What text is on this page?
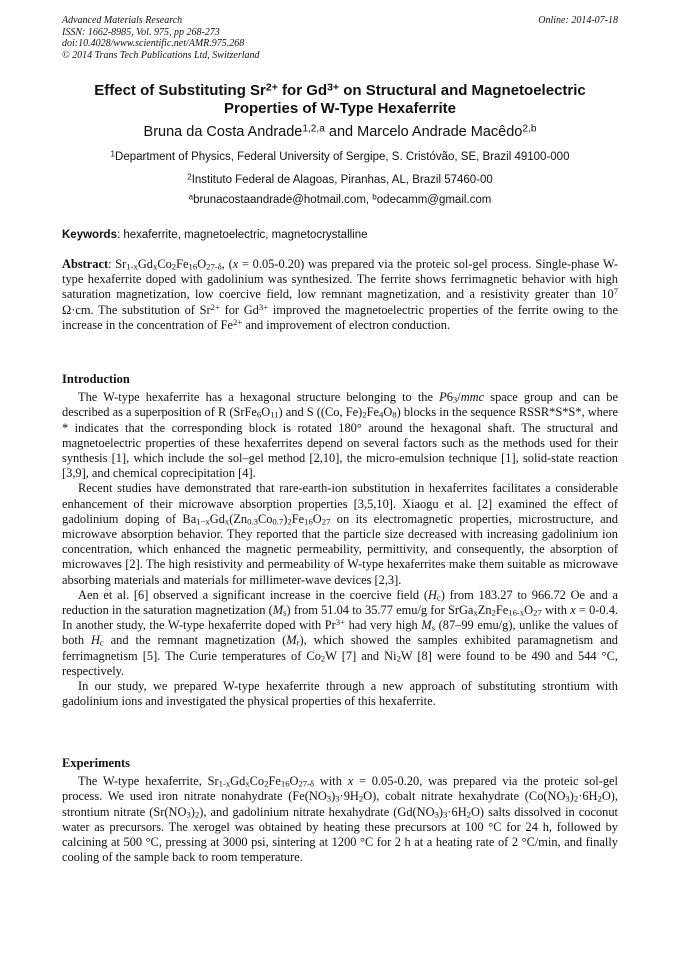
Advanced Materials Research
ISSN: 1662-8985, Vol. 975, pp 268-273
doi:10.4028/www.scientific.net/AMR.975.268
© 2014 Trans Tech Publications Ltd, Switzerland
Online: 2014-07-18
Effect of Substituting $Sr^{2+}$ for $Gd^{3+}$ on Structural and Magnetoelectric Properties of W-Type Hexaferrite
Bruna da Costa Andrade$^{1,2,a}$ and Marcelo Andrade Macêdo$^{2,b}$
$^1$Department of Physics, Federal University of Sergipe, S. Cristóvão, SE, Brazil 49100-000
$^2$Instituto Federal de Alagoas, Piranhas, AL, Brazil 57460-00
$^a$brunacostaandrade@hotmail.com, $^b$odecamm@gmail.com
Keywords: hexaferrite, magnetoelectric, magnetocrystalline
Abstract: $Sr_{1-x}Gd_xCo_2Fe_{16}O_{27-\delta}$, (x = 0.05-0.20) was prepared via the proteic sol-gel process. Single-phase W-type hexaferrite doped with gadolinium was synthesized. The ferrite shows ferrimagnetic behavior with high saturation magnetization, low coercive field, low remnant magnetization, and a resistivity greater than $10^7$ Ω·cm. The substitution of $Sr^{2+}$ for $Gd^{3+}$ improved the magnetoelectric properties of the ferrite owing to the increase in the concentration of $Fe^{2+}$ and improvement of electron conduction.
Introduction

The W-type hexaferrite has a hexagonal structure belonging to the $P6_3$/mmc space group and can be described as a superposition of R $(SrFe_6O_{11})$ and S ((Co, $Fe)_2Fe_4O_8$) blocks in the sequence RSSR*S*S*, where * indicates that the corresponding block is rotated 180° around the hexagonal shaft. The structural and magnetoelectric properties of these hexaferrites depend on several factors such as the methods used for their synthesis [1], which include the sol–gel method [2,10], the micro-emulsion technique [1], solid-state reaction [3,9], and chemical coprecipitation [4].

Recent studies have demonstrated that rare-earth-ion substitution in hexaferrites facilitates a considerable enhancement of their microwave absorption properties [3,5,10]. Xiaogu et al. [2] examined the effect of gadolinium doping of $Ba_{1-x}Gd_x(Zn_{0.3}Co_{0.7})_2Fe_{16}O_{27}$ on its electromagnetic properties, microstructure, and microwave absorption behavior. They reported that the particle size decreased with increasing gadolinium ion concentration, which enhanced the magnetic permeability, permittivity, and consequently, the absorption of microwaves [2]. The high resistivity and permeability of W-type hexaferrites make them suitable as microwave absorbing materials and materials for millimeter-wave devices [2,3].

Aen et al. [6] observed a significant increase in the coercive field $(H_c)$ from 183.27 to 966.72 Oe and a reduction in the saturation magnetization $(M_s)$ from 51.04 to 35.77 emu/g for $SrGa_xZn_2Fe_{16-x}O_{27}$ with x = 0-0.4. In another study, the W-type hexaferrite doped with $Pr^{3+}$ had very high $M_s$ (87–99 emu/g), unlike the values of both $H_c$ and the remnant magnetization $(M_r)$, which showed the samples exhibited paramagnetism and ferrimagnetism [5]. The Curie temperatures of $Co_2W$ [7] and $Ni_2W$ [8] were found to be 490 and 544 °C, respectively.

In our study, we prepared W-type hexaferrite through a new approach of substituting strontium with gadolinium ions and investigated the physical properties of this hexaferrite.

Experiments

The W-type hexaferrite, $Sr_{1-x}Gd_xCo_2Fe_{16}O_{27-\delta}$ with x = 0.05-0.20, was prepared via the proteic sol-gel process. We used iron nitrate nonahydrate $(Fe(NO_3)_3\cdot 9H_2O)$, cobalt nitrate hexahydrate $(Co(NO_3)_2\cdot 6H_2O)$, strontium nitrate $(Sr(NO_3)_2)$, and gadolinium nitrate hexahydrate $(Gd(NO_3)_3\cdot 6H_2O)$ salts dissolved in coconut water as precursors. The xerogel was obtained by heating these precursors at 100 °C for 24 h, followed by calcining at 500 °C, pressing at 3000 psi, sintering at 1200 °C for 2 h at a heating rate of 2 °C/min, and finally cooling of the sample back to room temperature.
